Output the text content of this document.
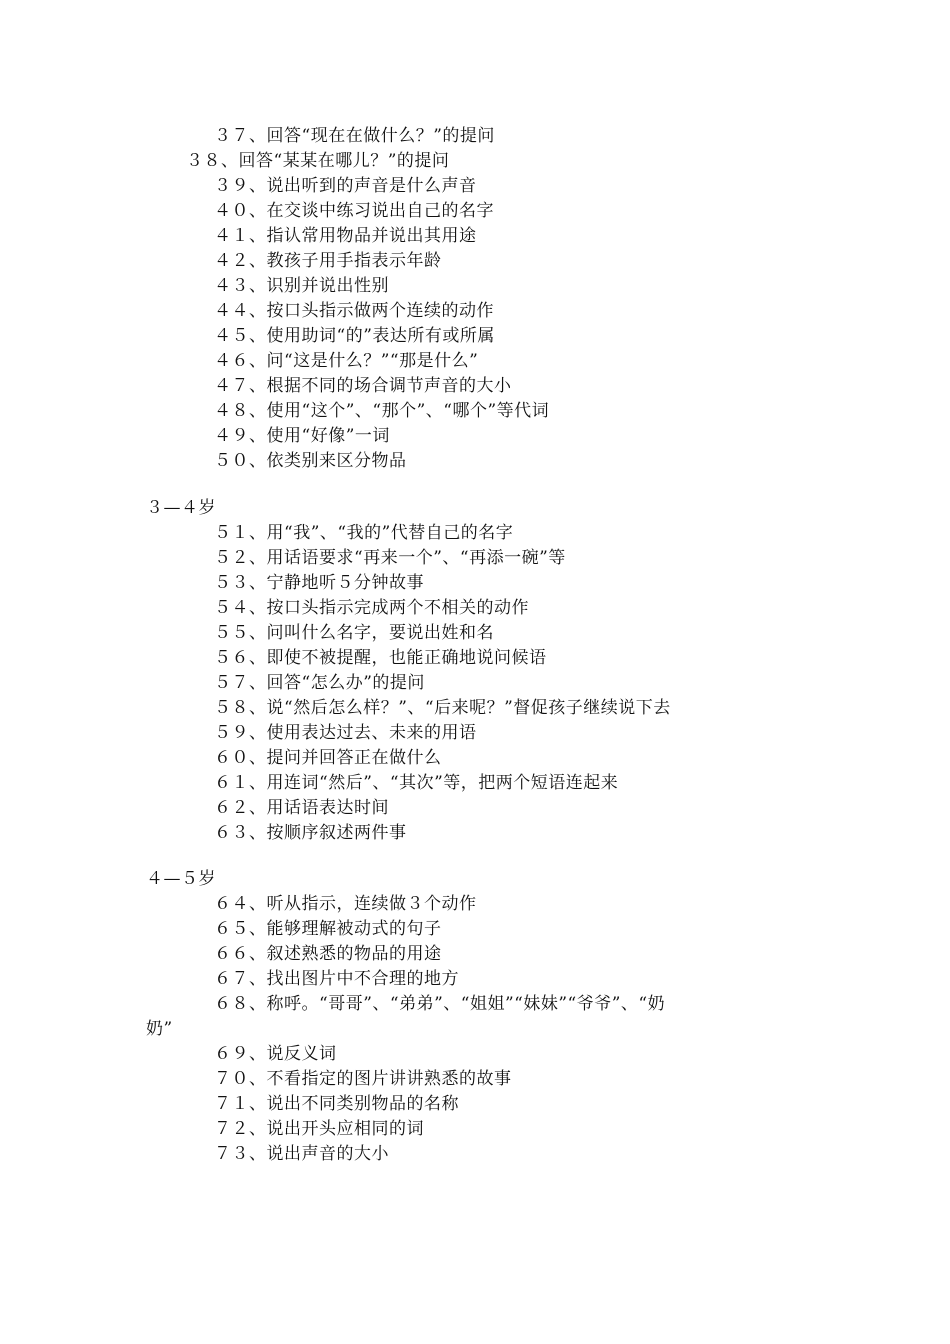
３７、回答“现在在做什么？”的提问
３８、回答“某某在哪儿？”的提问
３９、说出听到的声音是什么声音
４０、在交谈中练习说出自己的名字
４１、指认常用物品并说出其用途
４２、教孩子用手指表示年龄
４３、识别并说出性别
４４、按口头指示做两个连续的动作
４５、使用助词“的”表达所有或所属
４６、问“这是什么？”“那是什么”
４７、根据不同的场合调节声音的大小
４８、使用“这个”、“那个”、“哪个”等代词
４９、使用“好像”一词
５０、依类别来区分物品
３—４岁
５１、用“我”、“我的”代替自己的名字
５２、用话语要求“再来一个”、“再添一碗”等
５３、宁静地听５分钟故事
５４、按口头指示完成两个不相关的动作
５５、问叫什么名字，要说出姓和名
５６、即使不被提醒，也能正确地说问候语
５７、回答“怎么办”的提问
５８、说“然后怎么样？”、“后来呢？”督促孩子继续说下去
５９、使用表达过去、未来的用语
６０、提问并回答正在做什么
６１、用连词“然后”、“其次”等，把两个短语连起来
６２、用话语表达时间
６３、按顺序叙述两件事
４—５岁
６４、听从指示，连续做３个动作
６５、能够理解被动式的句子
６６、叙述熟悉的物品的用途
６７、找出图片中不合理的地方
６８、称呼。“哥哥”、“弟弟”、“姐姐”“妹妹”“爷爷”、“奶
奶”
６９、说反义词
７０、不看指定的图片讲讲熟悉的故事
７１、说出不同类别物品的名称
７２、说出开头应相同的词
７３、说出声音的大小
